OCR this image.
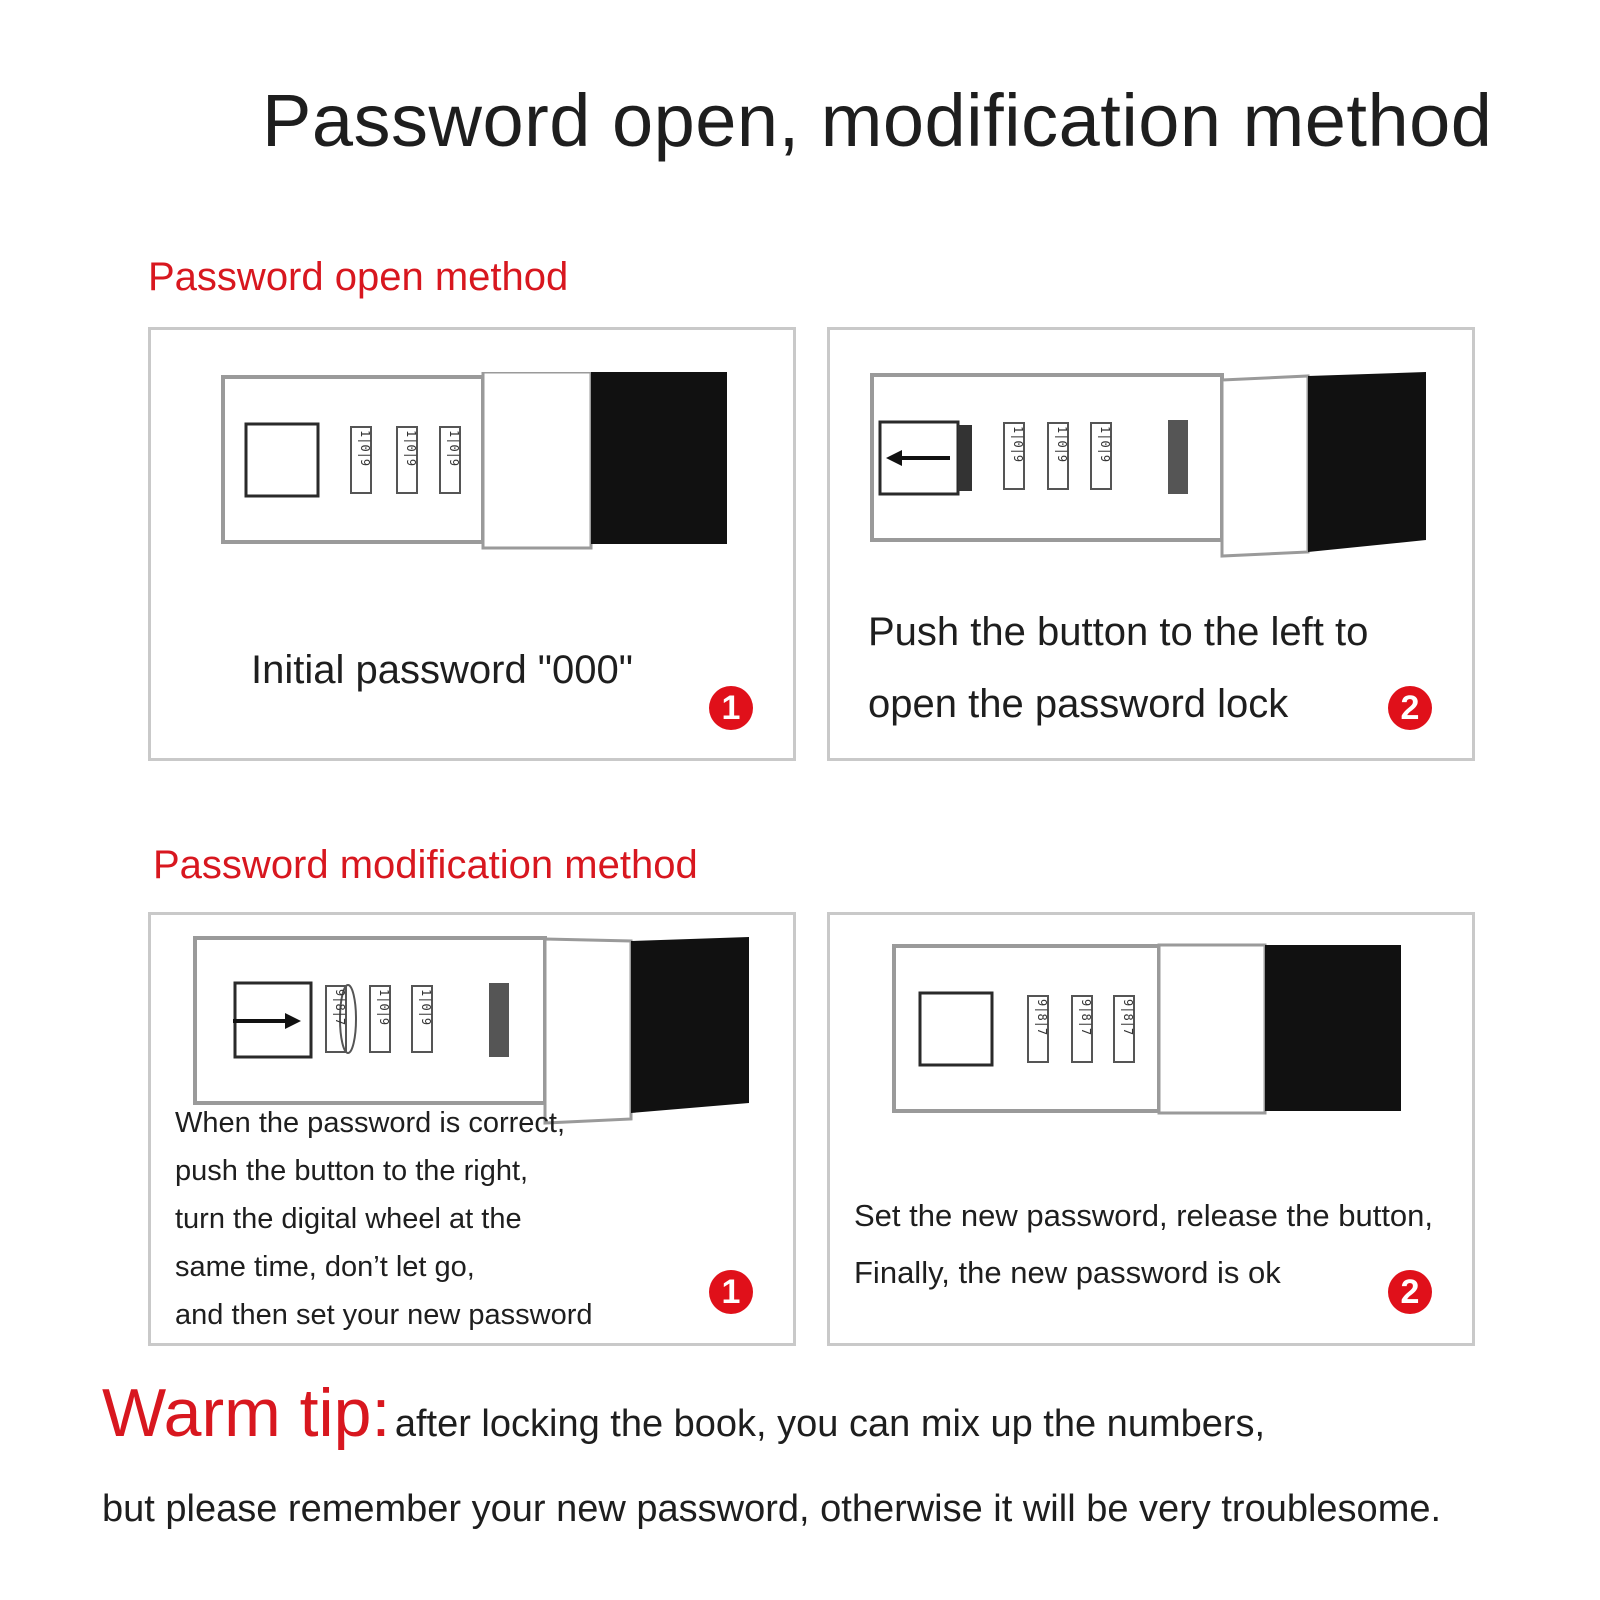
Password open, modification method
Password open method
1|0|9	1|0|9 1|0|9
Initial password "000"
1
1|0|9	1|0|9 1|0|9
Push the button to the left to
open the password lock	2
Password modification method
9|8|7	1|0|9 1|0|9
When the password is correct,
push the button to the right,
turn the digital wheel at the
same time, don’t let go,
and then set your new password
1
9|8|7	9|8|7 9|8|7
Set the new password, release the button,
Finally, the new password is ok
2
Warm tip: after locking the book, you can mix up the numbers,
but please remember your new password, otherwise it will be very troublesome.
